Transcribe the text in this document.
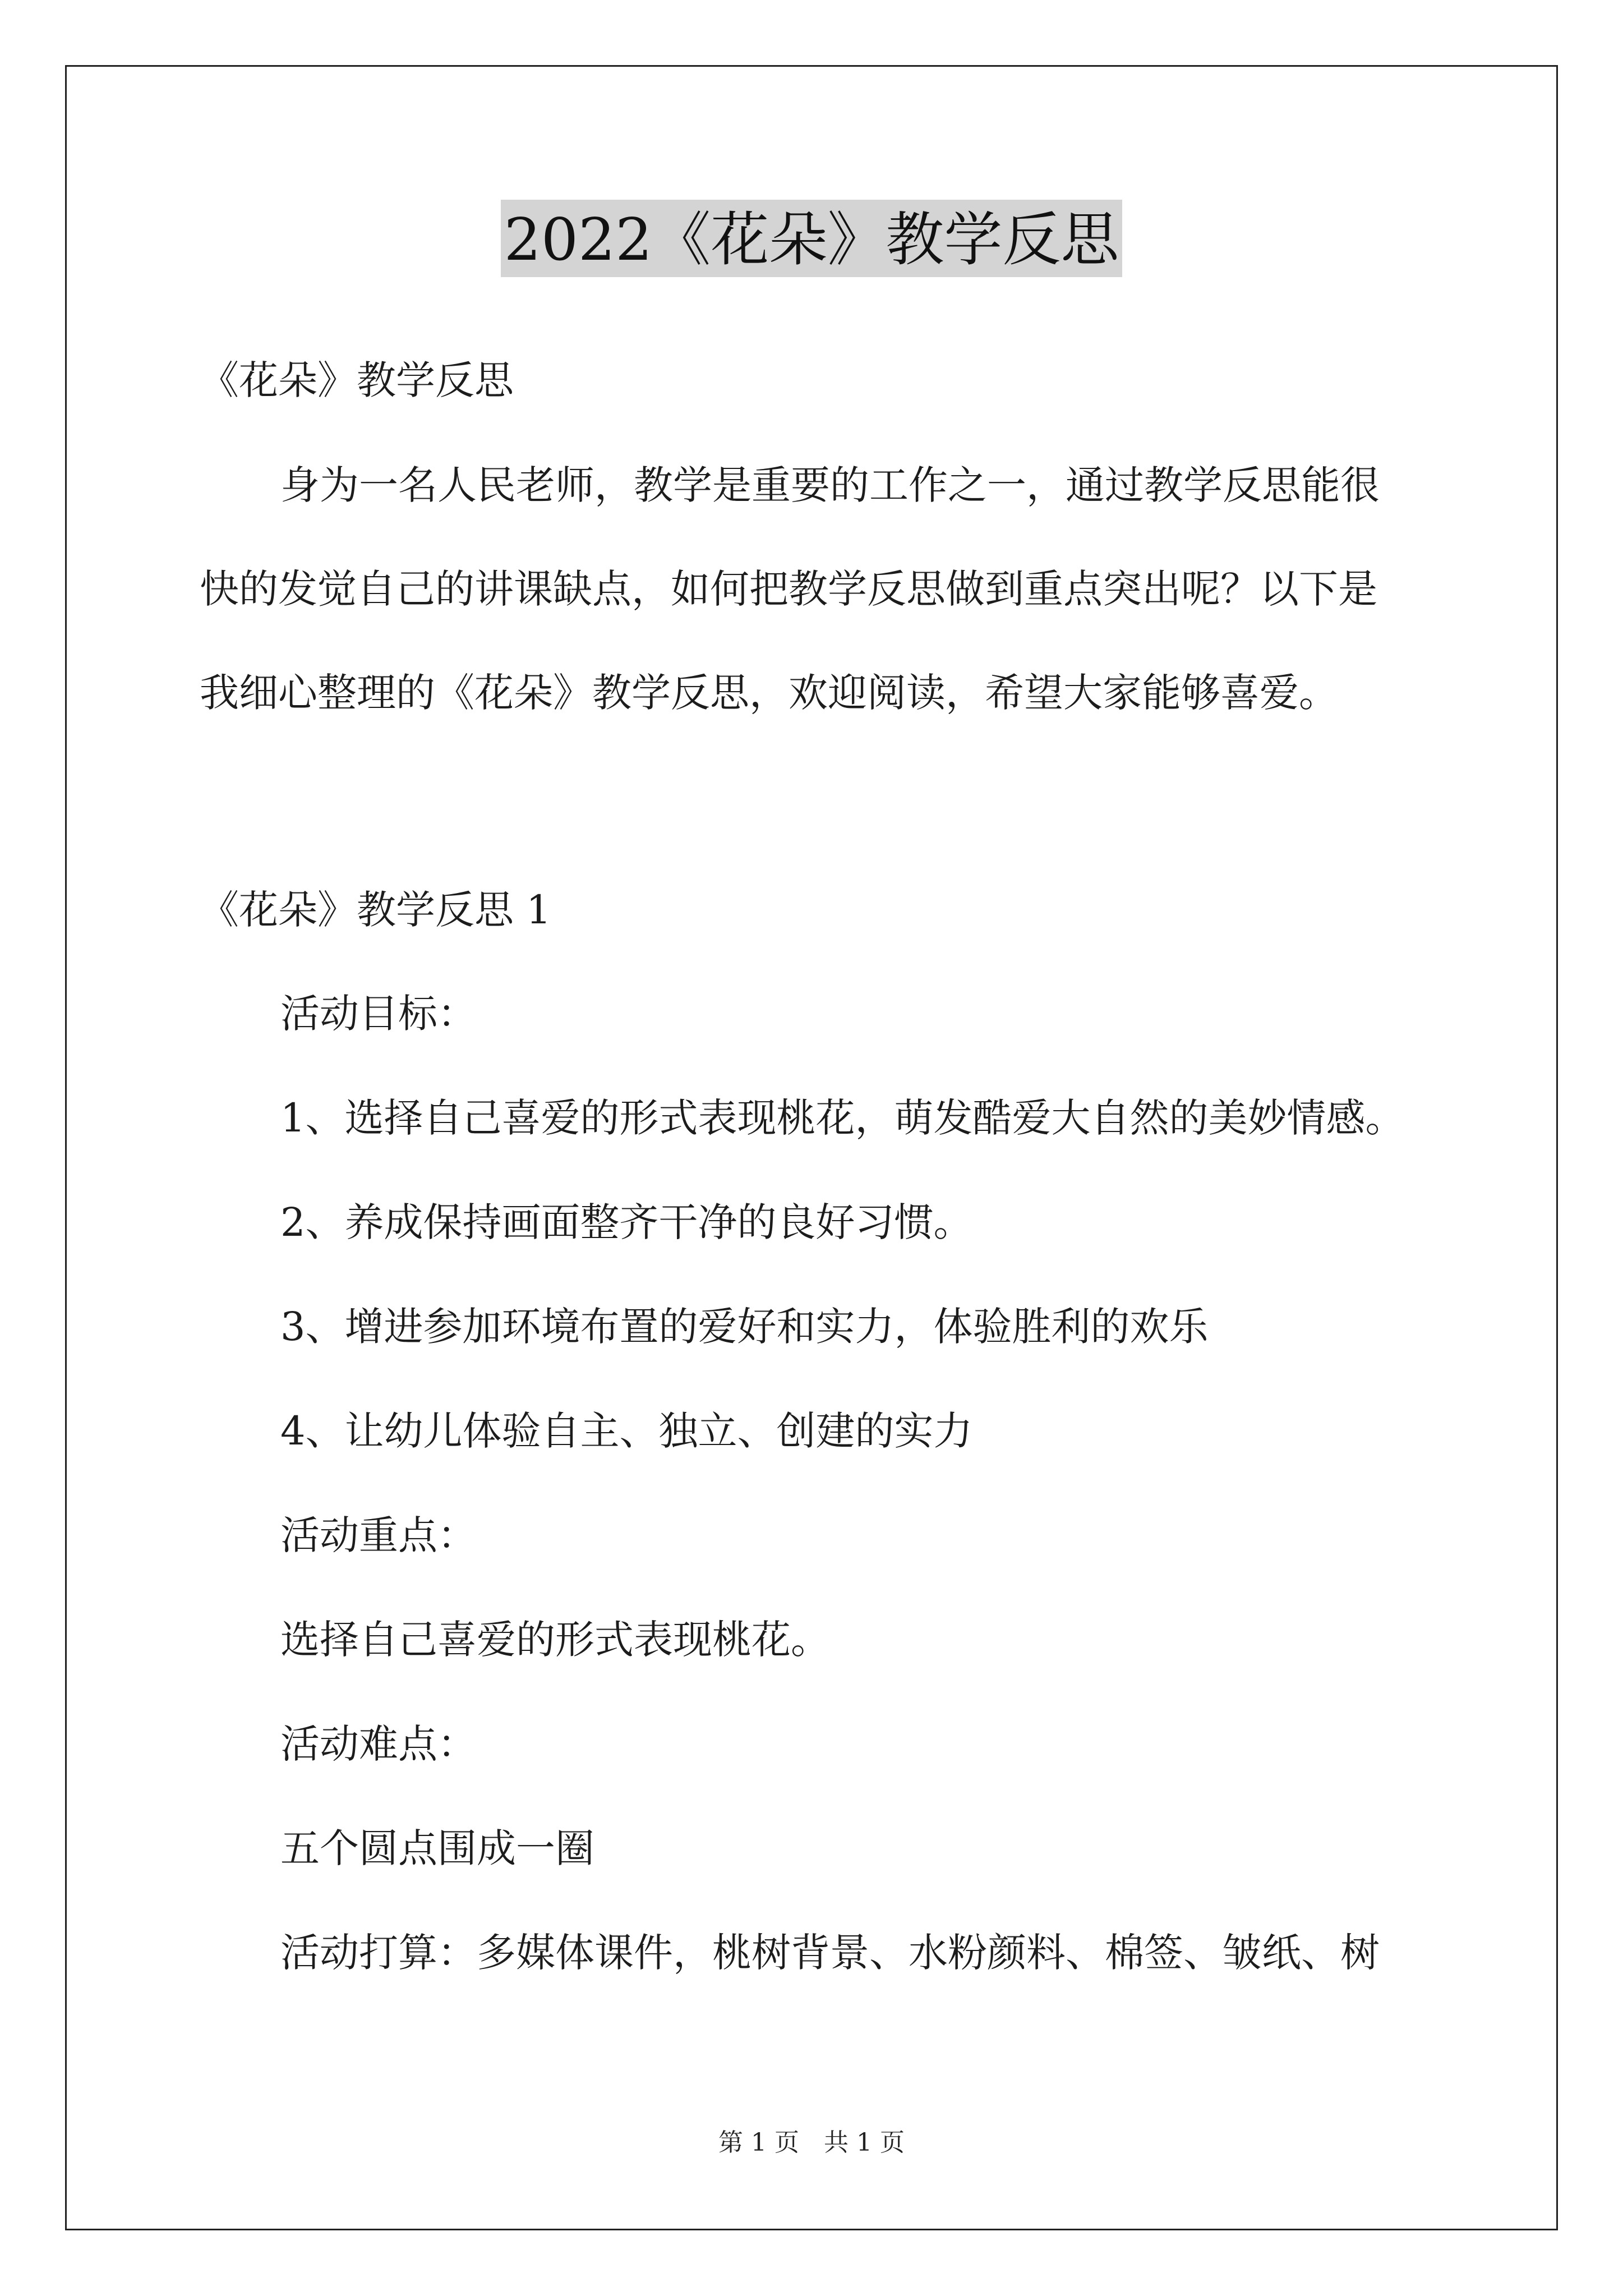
2022《花朵》教学反思
《花朵》教学反思
身为一名人民老师，教学是重要的工作之一，通过教学反思能很
快的发觉自己的讲课缺点，如何把教学反思做到重点突出呢？以下是
我细心整理的《花朵》教学反思，欢迎阅读，希望大家能够喜爱。
《花朵》教学反思 1
活动目标：
1、选择自己喜爱的形式表现桃花，萌发酷爱大自然的美妙情感。
2、养成保持画面整齐干净的良好习惯。
3、增进参加环境布置的爱好和实力，体验胜利的欢乐
4、让幼儿体验自主、独立、创建的实力
活动重点：
选择自己喜爱的形式表现桃花。
活动难点：
五个圆点围成一圈
活动打算：多媒体课件，桃树背景、水粉颜料、棉签、皱纸、树
第 1 页　共 1 页
